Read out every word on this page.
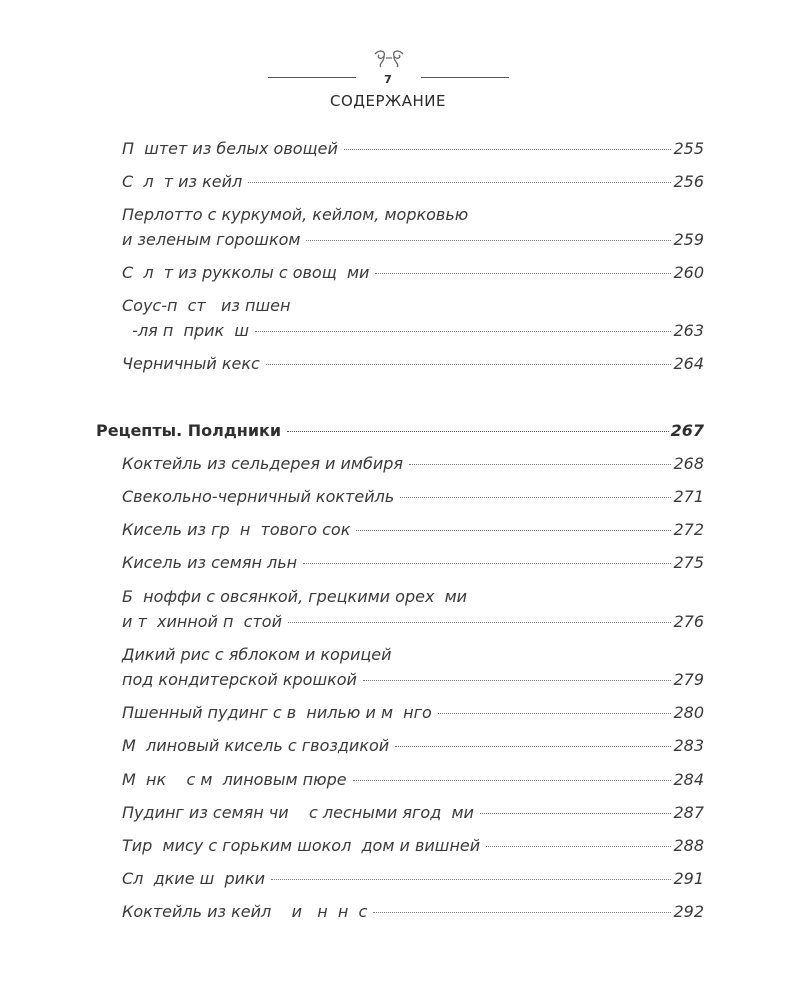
7
СОДЕРЖАНИЕ
П  штет из белых овощей	255
С  л  т из кейл	256
Перлотто с куркумой, кейлом, морковью
и зеленым горошком	259
С  л  т из рукколы с овощ  ми	260
Соус-п  ст   из пшен
-ля п  прик  ш	263
Черничный кекс	264
Рецепты. Полдники	267
Коктейль из сельдерея и имбиря	268
Свекольно-черничный коктейль	271
Кисель из гр  н  тового сок	272
Кисель из семян льн	275
Б  ноффи с овсянкой, грецкими орех  ми
и т  хинной п  стой	276
Дикий рис с яблоком и корицей
под кондитерской крошкой	279
Пшенный пудинг с в  нилью и м  нго	280
М  линовый кисель с гвоздикой	283
М  нк    с м  линовым пюре	284
Пудинг из семян чи    с лесными ягод  ми	287
Тир  мису с горьким шокол  дом и вишней	288
Сл  дкие ш  рики	291
Коктейль из кейл    и   н  н  с	292
